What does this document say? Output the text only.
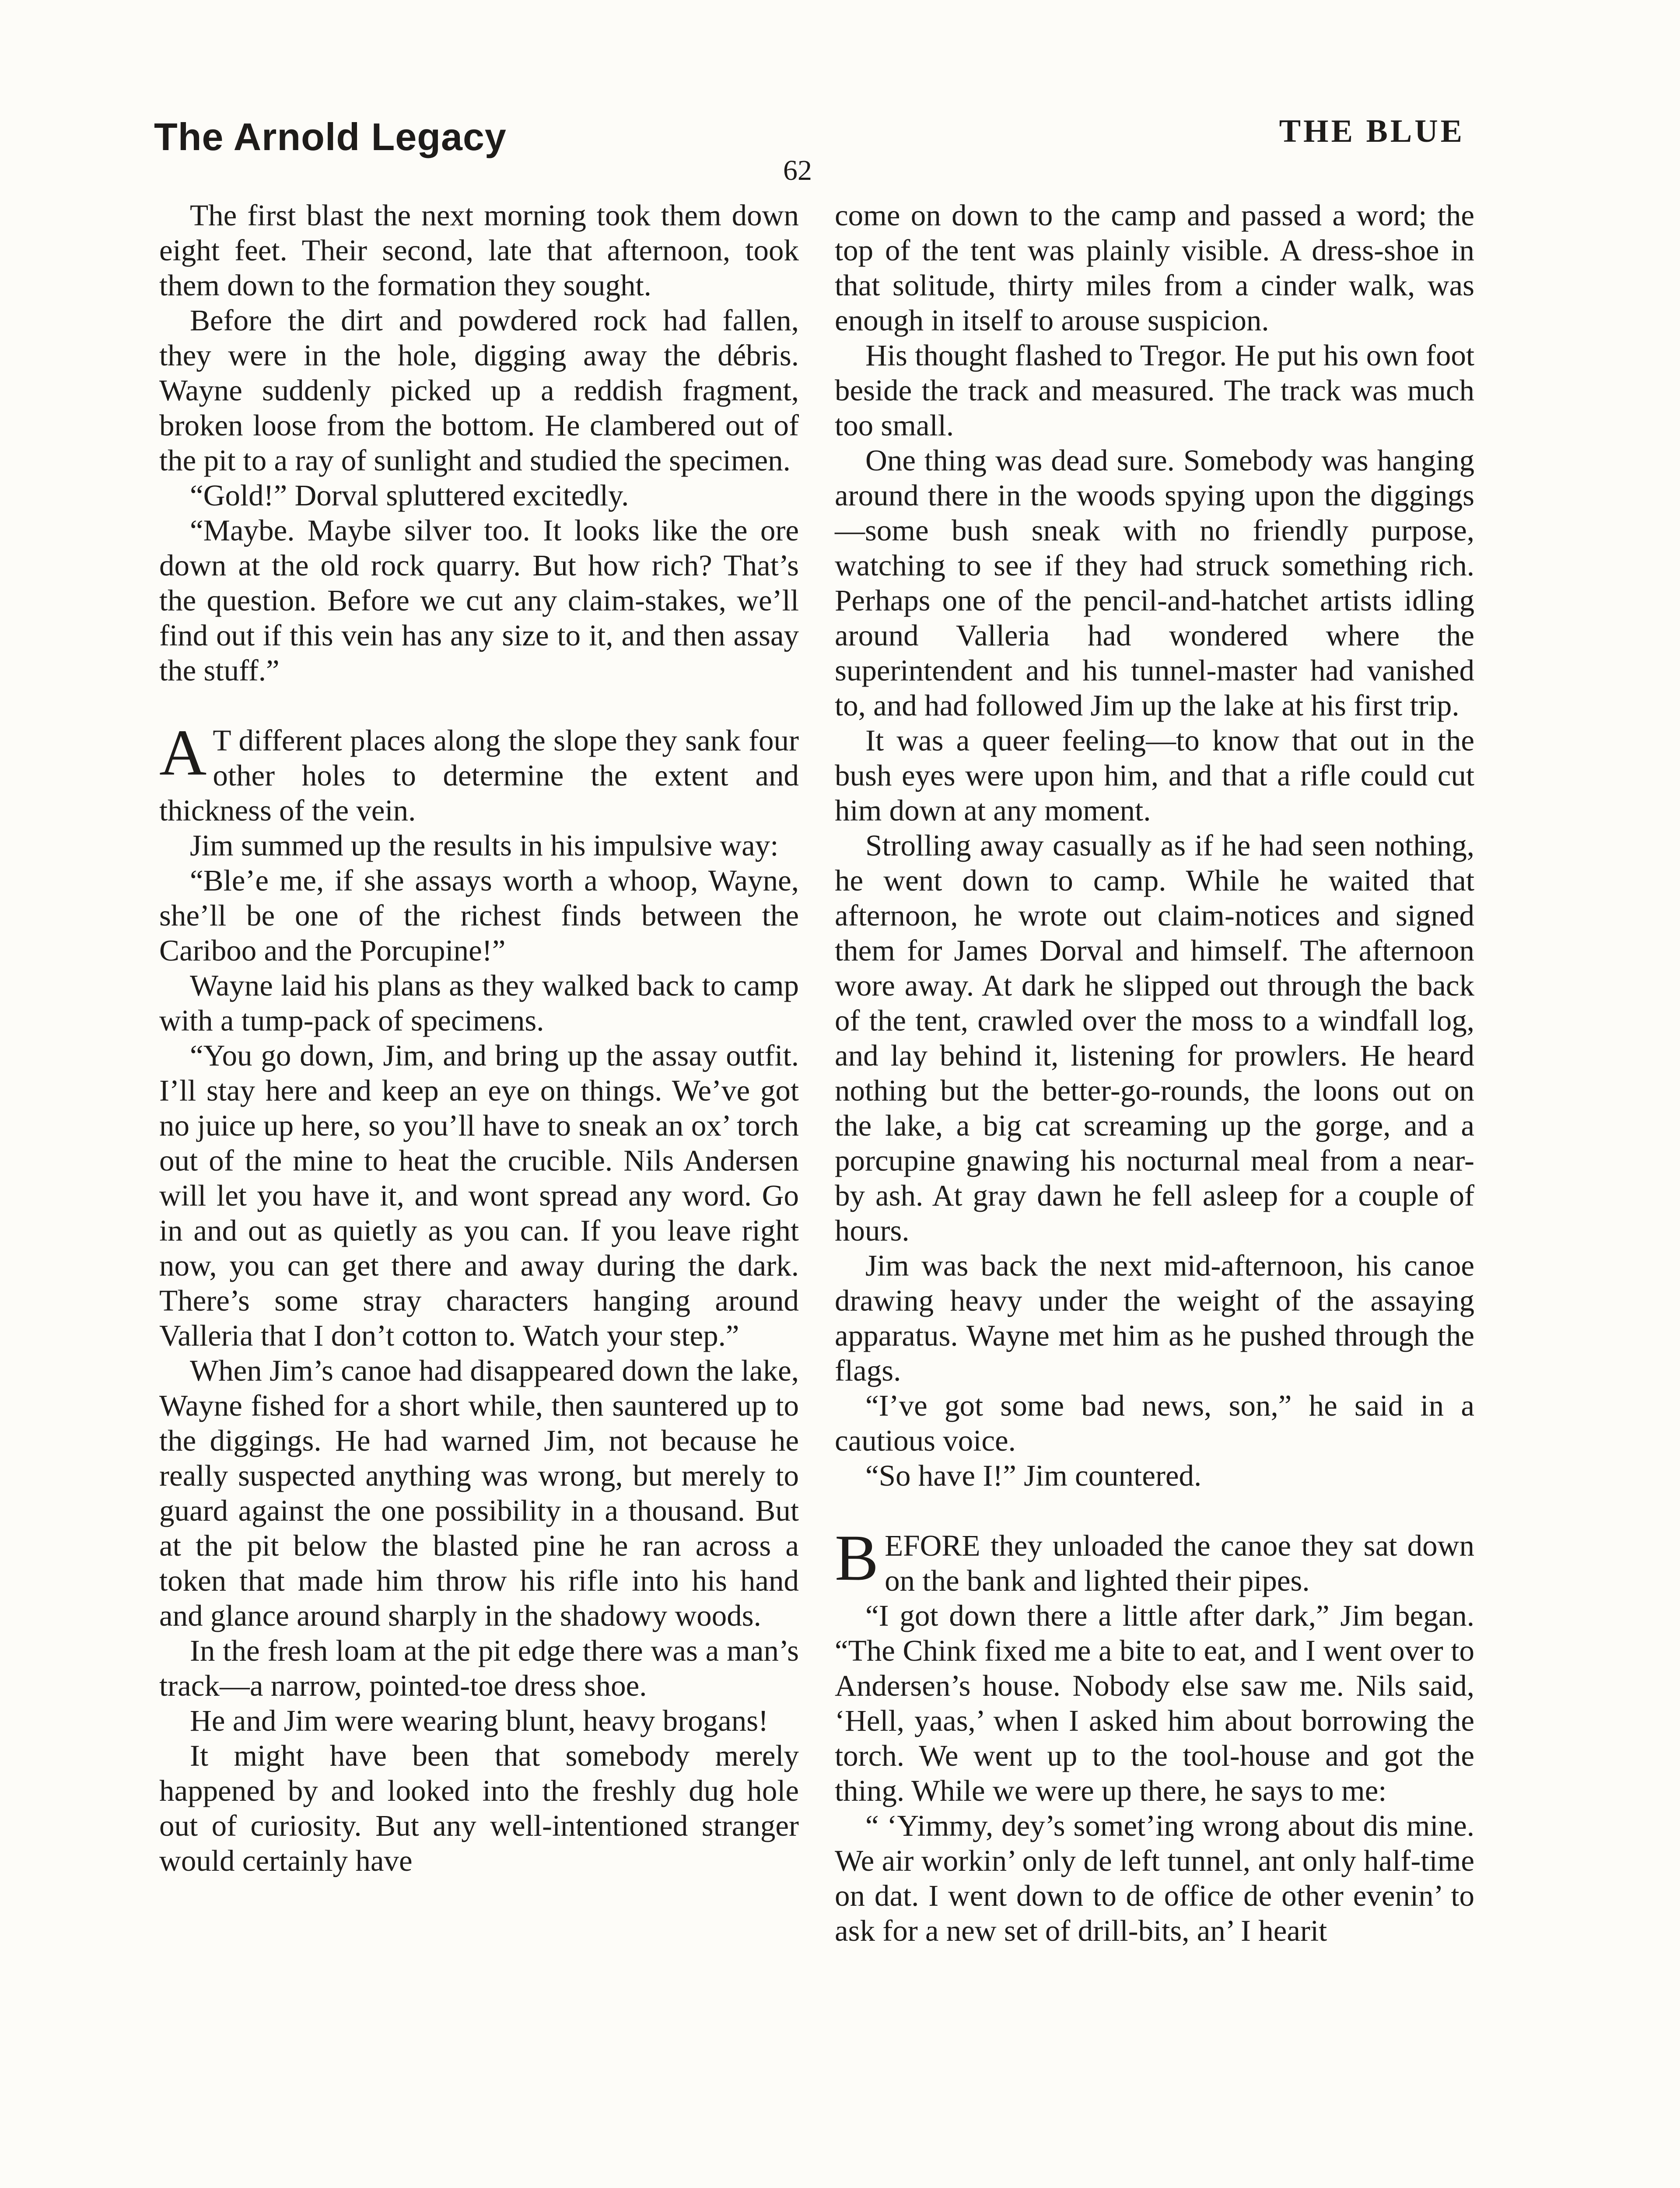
The Arnold Legacy	THE BLUE
62

The first blast the next morning took them down eight feet. Their second, late that afternoon, took them down to the formation they sought.

Before the dirt and powdered rock had fallen, they were in the hole, digging away the débris. Wayne suddenly picked up a reddish fragment, broken loose from the bottom. He clambered out of the pit to a ray of sunlight and studied the specimen.

“Gold!” Dorval spluttered excitedly.

“Maybe. Maybe silver too. It looks like the ore down at the old rock quarry. But how rich? That’s the question. Before we cut any claim-stakes, we’ll find out if this vein has any size to it, and then assay the stuff.”

A T different places along the slope they sank four other holes to determine the extent and thickness of the vein.

Jim summed up the results in his impulsive way:

“Ble’e me, if she assays worth a whoop, Wayne, she’ll be one of the richest finds between the Cariboo and the Porcupine!”

Wayne laid his plans as they walked back to camp with a tump-pack of specimens.

“You go down, Jim, and bring up the assay outfit. I’ll stay here and keep an eye on things. We’ve got no juice up here, so you’ll have to sneak an ox’ torch out of the mine to heat the crucible. Nils Andersen will let you have it, and wont spread any word. Go in and out as quietly as you can. If you leave right now, you can get there and away during the dark. There’s some stray characters hanging around Valleria that I don’t cotton to. Watch your step.”

When Jim’s canoe had disappeared down the lake, Wayne fished for a short while, then sauntered up to the diggings. He had warned Jim, not because he really suspected anything was wrong, but merely to guard against the one possibility in a thousand. But at the pit below the blasted pine he ran across a token that made him throw his rifle into his hand and glance around sharply in the shadowy woods.

In the fresh loam at the pit edge there was a man’s track—a narrow, pointed-toe dress shoe.

He and Jim were wearing blunt, heavy brogans!

It might have been that somebody merely happened by and looked into the freshly dug hole out of curiosity. But any well-intentioned stranger would certainly have

come on down to the camp and passed a word; the top of the tent was plainly visible. A dress-shoe in that solitude, thirty miles from a cinder walk, was enough in itself to arouse suspicion.

His thought flashed to Tregor. He put his own foot beside the track and measured. The track was much too small.

One thing was dead sure. Somebody was hanging around there in the woods spying upon the diggings—some bush sneak with no friendly purpose, watching to see if they had struck something rich. Perhaps one of the pencil-and-hatchet artists idling around Valleria had wondered where the superintendent and his tunnel-master had vanished to, and had followed Jim up the lake at his first trip.

It was a queer feeling—to know that out in the bush eyes were upon him, and that a rifle could cut him down at any moment.

Strolling away casually as if he had seen nothing, he went down to camp. While he waited that afternoon, he wrote out claim-notices and signed them for James Dorval and himself. The afternoon wore away. At dark he slipped out through the back of the tent, crawled over the moss to a windfall log, and lay behind it, listening for prowlers. He heard nothing but the better-go-rounds, the loons out on the lake, a big cat screaming up the gorge, and a porcupine gnawing his nocturnal meal from a near-by ash. At gray dawn he fell asleep for a couple of hours.

Jim was back the next mid-afternoon, his canoe drawing heavy under the weight of the assaying apparatus. Wayne met him as he pushed through the flags.

“I’ve got some bad news, son,” he said in a cautious voice.

“So have I!” Jim countered.

BEFORE they unloaded the canoe they sat down on the bank and lighted their pipes.

“I got down there a little after dark,” Jim began. “The Chink fixed me a bite to eat, and I went over to Andersen’s house. Nobody else saw me. Nils said, ‘Hell, yaas,’ when I asked him about borrowing the torch. We went up to the tool-house and got the thing. While we were up there, he says to me:

“ ‘Yimmy, dey’s somet’ing wrong about dis mine. We air workin’ only de left tunnel, ant only half-time on dat. I went down to de office de other evenin’ to ask for a new set of drill-bits, an’ I hearit
